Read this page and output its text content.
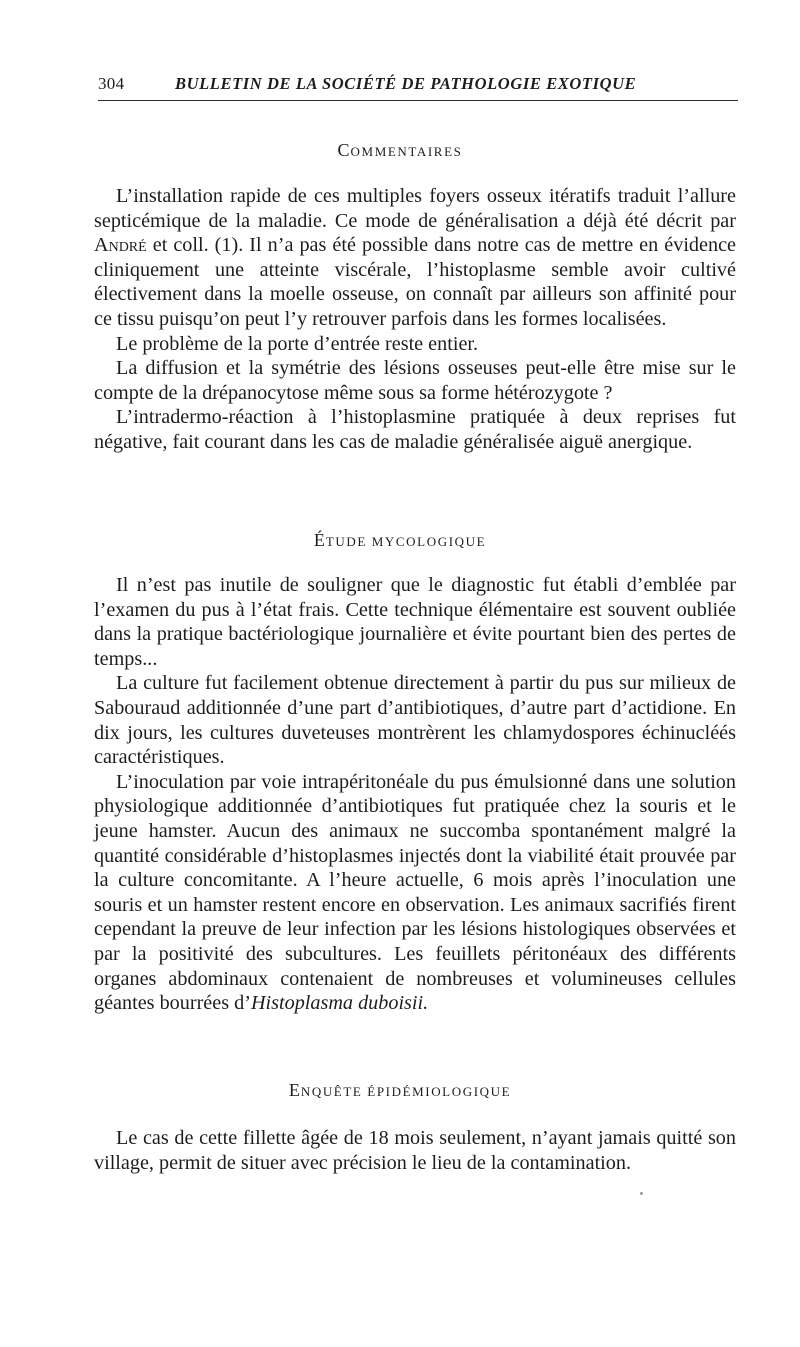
304	BULLETIN DE LA SOCIÉTÉ DE PATHOLOGIE EXOTIQUE
COMMENTAIRES

L’installation rapide de ces multiples foyers osseux itératifs traduit l’allure septicémique de la maladie. Ce mode de généralisation a déjà été décrit par André et coll. (1). Il n’a pas été possible dans notre cas de mettre en évidence cliniquement une atteinte viscérale, l’histoplasme semble avoir cultivé électivement dans la moelle osseuse, on connaît par ailleurs son affinité pour ce tissu puisqu’on peut l’y retrouver parfois dans les formes localisées.

Le problème de la porte d’entrée reste entier.

La diffusion et la symétrie des lésions osseuses peut-elle être mise sur le compte de la drépanocytose même sous sa forme hétérozygote ?

L’intradermo-réaction à l’histoplasmine pratiquée à deux reprises fut négative, fait courant dans les cas de maladie généralisée aiguë anergique.

ÉTUDE MYCOLOGIQUE

Il n’est pas inutile de souligner que le diagnostic fut établi d’emblée par l’examen du pus à l’état frais. Cette technique élémentaire est souvent oubliée dans la pratique bactériologique journalière et évite pourtant bien des pertes de temps...

La culture fut facilement obtenue directement à partir du pus sur milieux de Sabouraud additionnée d’une part d’antibiotiques, d’autre part d’actidione. En dix jours, les cultures duveteuses montrèrent les chlamydospores échinucléés caractéristiques.

L’inoculation par voie intrapéritonéale du pus émulsionné dans une solution physiologique additionnée d’antibiotiques fut pratiquée chez la souris et le jeune hamster. Aucun des animaux ne succomba spontanément malgré la quantité considérable d’histoplasmes injectés dont la viabilité était prouvée par la culture concomitante. A l’heure actuelle, 6 mois après l’inoculation une souris et un hamster restent encore en observation. Les animaux sacrifiés firent cependant la preuve de leur infection par les lésions histologiques observées et par la positivité des subcultures. Les feuillets péritonéaux des différents organes abdominaux contenaient de nombreuses et volumineuses cellules géantes bourrées d’Histoplasma duboisii.

ENQUÊTE ÉPIDÉMIOLOGIQUE

Le cas de cette fillette âgée de 18 mois seulement, n’ayant jamais quitté son village, permit de situer avec précision le lieu de la contamination.
